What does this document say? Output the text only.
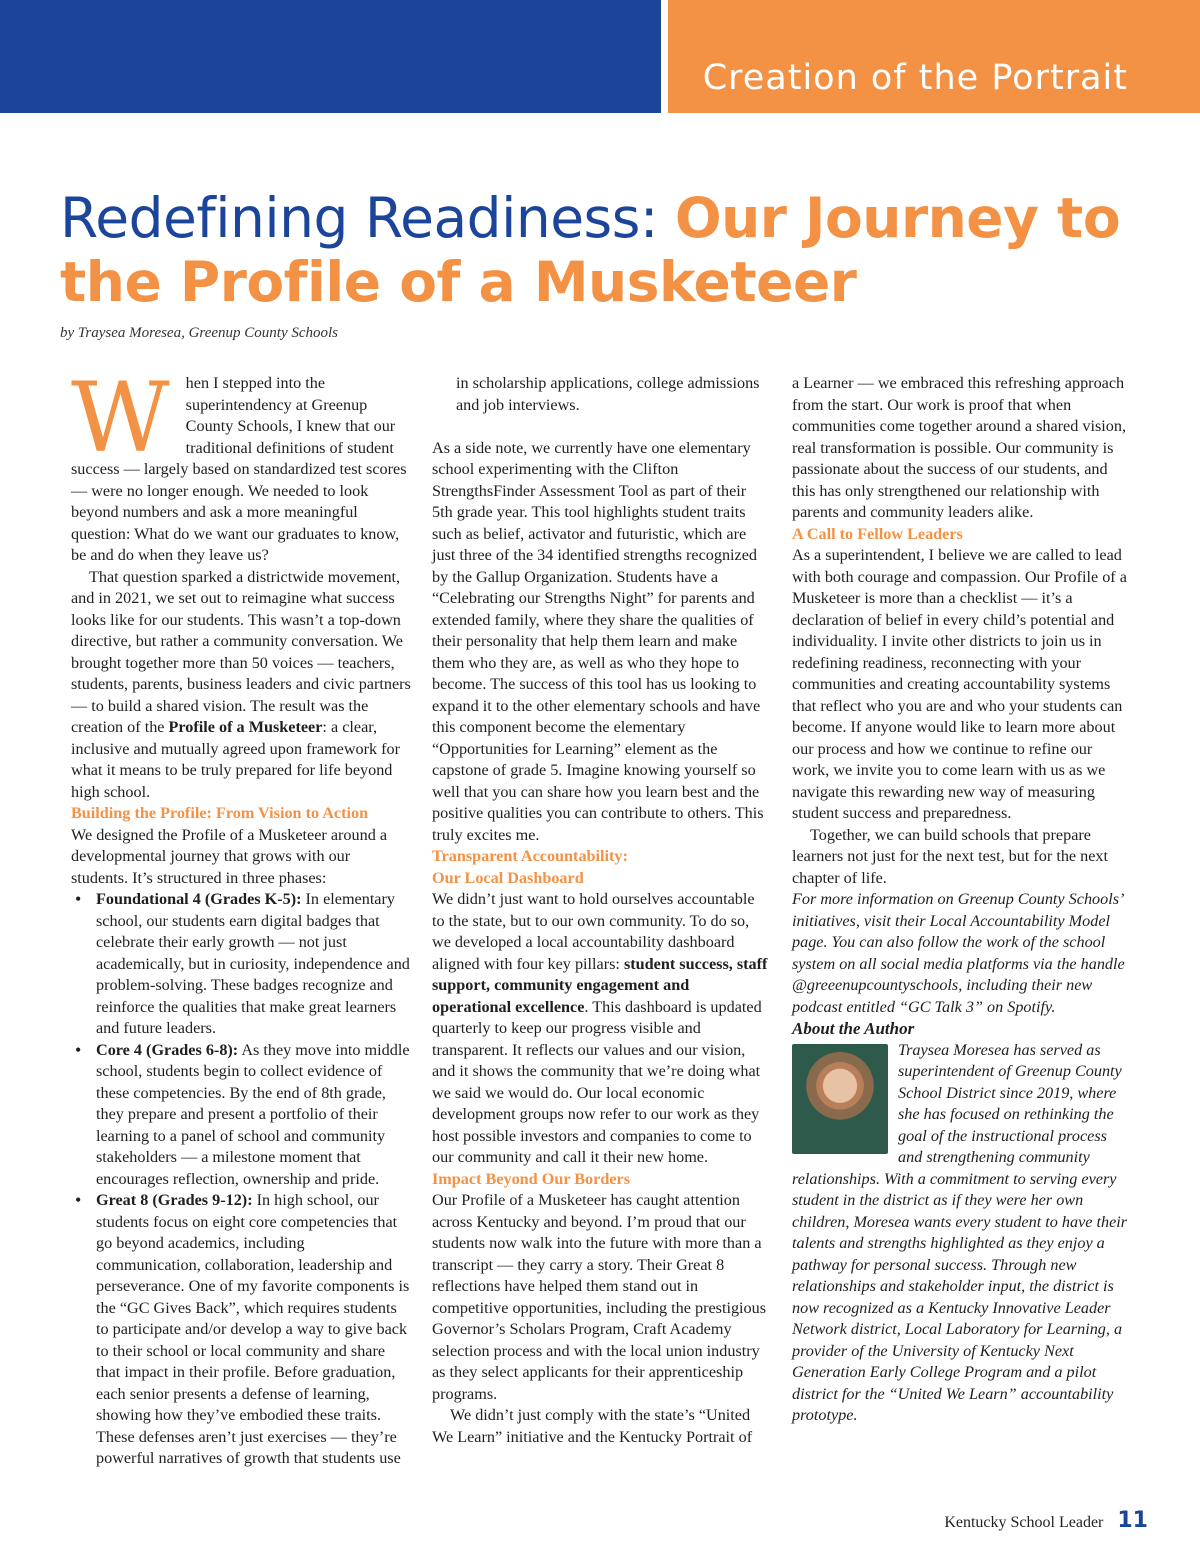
Creation of the Portrait
Redefining Readiness: Our Journey to the Profile of a Musketeer
by Traysea Moresea, Greenup County Schools

When I stepped into the superintendency at Greenup County Schools, I knew that our traditional definitions of student success — largely based on standardized test scores — were no longer enough. We needed to look beyond numbers and ask a more meaningful question: What do we want our graduates to know, be and do when they leave us?

That question sparked a districtwide movement, and in 2021, we set out to reimagine what success looks like for our students. This wasn’t a top-down directive, but rather a community conversation. We brought together more than 50 voices — teachers, students, parents, business leaders and civic partners — to build a shared vision. The result was the creation of the Profile of a Musketeer: a clear, inclusive and mutually agreed upon framework for what it means to be truly prepared for life beyond high school.

Building the Profile: From Vision to Action

We designed the Profile of a Musketeer around a developmental journey that grows with our students. It’s structured in three phases:

• Foundational 4 (Grades K-5): In elementary school, our students earn digital badges that celebrate their early growth — not just academically, but in curiosity, independence and problem-solving. These badges recognize and reinforce the qualities that make great learners and future leaders.
• Core 4 (Grades 6-8): As they move into middle school, students begin to collect evidence of these competencies. By the end of 8th grade, they prepare and present a portfolio of their learning to a panel of school and community stakeholders — a milestone moment that encourages reflection, ownership and pride.
• Great 8 (Grades 9-12): In high school, our students focus on eight core competencies that go beyond academics, including communication, collaboration, leadership and perseverance. One of my favorite components is the “GC Gives Back”, which requires students to participate and/or develop a way to give back to their school or local community and share that impact in their profile. Before graduation, each senior presents a defense of learning, showing how they’ve embodied these traits. These defenses aren’t just exercises — they’re powerful narratives of growth that students use

in scholarship applications, college admissions and job interviews.

As a side note, we currently have one elementary school experimenting with the Clifton StrengthsFinder Assessment Tool as part of their 5th grade year. This tool highlights student traits such as belief, activator and futuristic, which are just three of the 34 identified strengths recognized by the Gallup Organization. Students have a “Celebrating our Strengths Night” for parents and extended family, where they share the qualities of their personality that help them learn and make them who they are, as well as who they hope to become. The success of this tool has us looking to expand it to the other elementary schools and have this component become the elementary “Opportunities for Learning” element as the capstone of grade 5. Imagine knowing yourself so well that you can share how you learn best and the positive qualities you can contribute to others. This truly excites me.

Transparent Accountability:
Our Local Dashboard

We didn’t just want to hold ourselves accountable to the state, but to our own community. To do so, we developed a local accountability dashboard aligned with four key pillars: student success, staff support, community engagement and operational excellence. This dashboard is updated quarterly to keep our progress visible and transparent. It reflects our values and our vision, and it shows the community that we’re doing what we said we would do. Our local economic development groups now refer to our work as they host possible investors and companies to come to our community and call it their new home.

Impact Beyond Our Borders

Our Profile of a Musketeer has caught attention across Kentucky and beyond. I’m proud that our students now walk into the future with more than a transcript — they carry a story. Their Great 8 reflections have helped them stand out in competitive opportunities, including the prestigious Governor’s Scholars Program, Craft Academy selection process and with the local union industry as they select applicants for their apprenticeship programs.

We didn’t just comply with the state’s “United We Learn” initiative and the Kentucky Portrait of

a Learner — we embraced this refreshing approach from the start. Our work is proof that when communities come together around a shared vision, real transformation is possible. Our community is passionate about the success of our students, and this has only strengthened our relationship with parents and community leaders alike.

A Call to Fellow Leaders

As a superintendent, I believe we are called to lead with both courage and compassion. Our Profile of a Musketeer is more than a checklist — it’s a declaration of belief in every child’s potential and individuality. I invite other districts to join us in redefining readiness, reconnecting with your communities and creating accountability systems that reflect who you are and who your students can become. If anyone would like to learn more about our process and how we continue to refine our work, we invite you to come learn with us as we navigate this rewarding new way of measuring student success and preparedness.

Together, we can build schools that prepare learners not just for the next test, but for the next chapter of life.

For more information on Greenup County Schools’ initiatives, visit their Local Accountability Model page. You can also follow the work of the school system on all social media platforms via the handle @greeenupcountyschools, including their new podcast entitled “GC Talk 3” on Spotify.

About the Author

Traysea Moresea has served as superintendent of Greenup County School District since 2019, where she has focused on rethinking the goal of the instructional process and strengthening community relationships. With a commitment to serving every student in the district as if they were her own children, Moresea wants every student to have their talents and strengths highlighted as they enjoy a pathway for personal success. Through new relationships and stakeholder input, the district is now recognized as a Kentucky Innovative Leader Network district, Local Laboratory for Learning, a provider of the University of Kentucky Next Generation Early College Program and a pilot district for the “United We Learn” accountability prototype.
Kentucky School Leader 11
